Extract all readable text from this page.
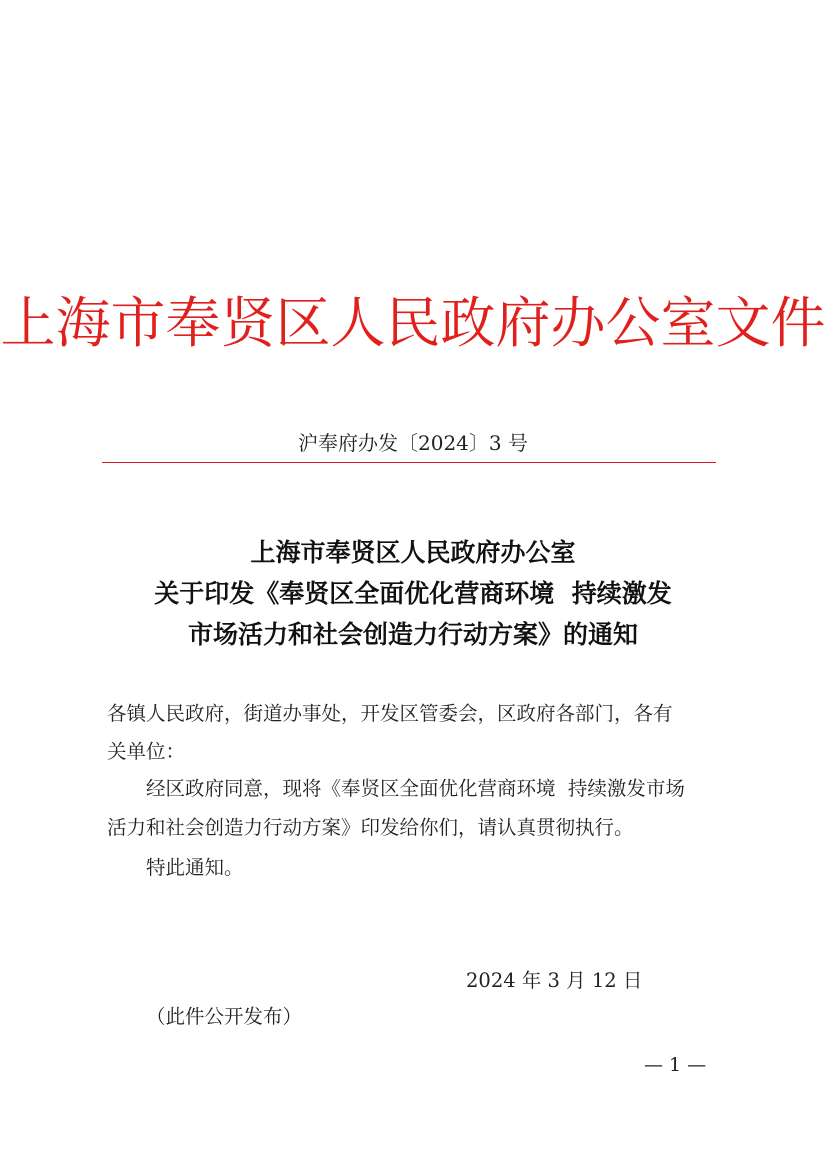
上海市奉贤区人民政府办公室文件
沪奉府办发〔2024〕3 号
上海市奉贤区人民政府办公室
关于印发《奉贤区全面优化营商环境  持续激发
市场活力和社会创造力行动方案》的通知
各镇人民政府，街道办事处，开发区管委会，区政府各部门，各有
关单位：
经区政府同意，现将《奉贤区全面优化营商环境  持续激发市场
活力和社会创造力行动方案》印发给你们，请认真贯彻执行。
特此通知。
2024 年 3 月 12 日
（此件公开发布）
— 1 —
